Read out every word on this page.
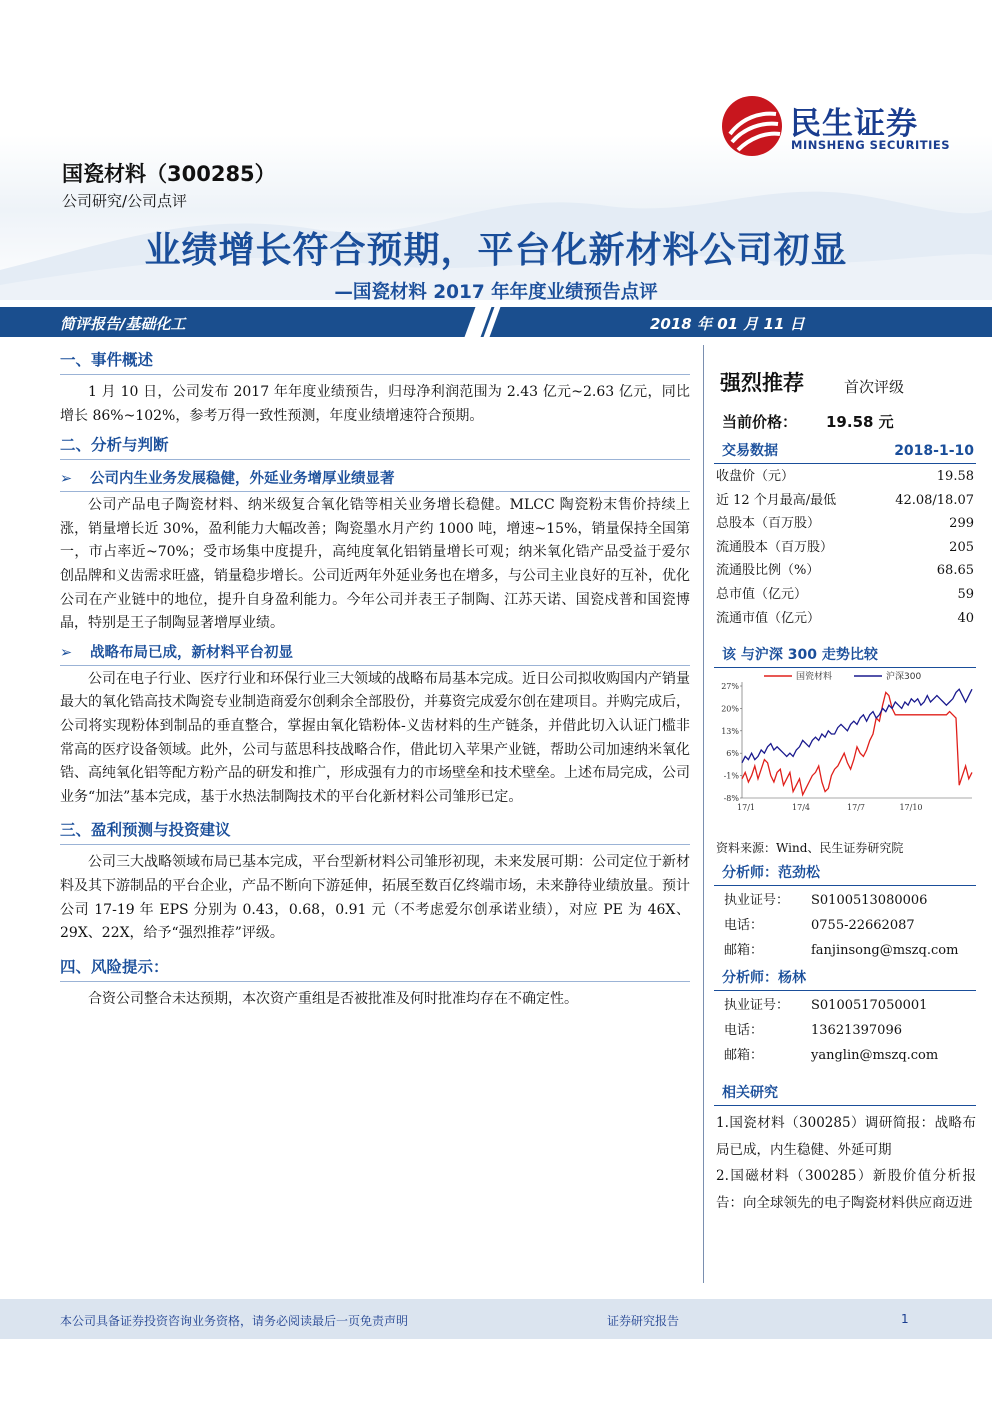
民生证券
MINSHENG SECURITIES
国瓷材料（300285）
公司研究/公司点评
业绩增长符合预期，平台化新材料公司初显
—国瓷材料 2017 年年度业绩预告点评
简评报告/基础化工	2018 年 01 月 11 日
一、事件概述

1 月 10 日，公司发布 2017 年年度业绩预告，归母净利润范围为 2.43 亿元~2.63 亿元，同比增长 86%~102%，参考万得一致性预测，年度业绩增速符合预期。

二、分析与判断
➢ 公司内生业务发展稳健，外延业务增厚业绩显著

公司产品电子陶瓷材料、纳米级复合氧化锆等相关业务增长稳健。MLCC 陶瓷粉末售价持续上涨，销量增长近 30%，盈利能力大幅改善；陶瓷墨水月产约 1000 吨，增速~15%，销量保持全国第一，市占率近~70%；受市场集中度提升，高纯度氧化铝销量增长可观；纳米氧化锆产品受益于爱尔创品牌和义齿需求旺盛，销量稳步增长。公司近两年外延业务也在增多，与公司主业良好的互补，优化公司在产业链中的地位，提升自身盈利能力。今年公司并表王子制陶、江苏天诺、国瓷戍普和国瓷博晶，特别是王子制陶显著增厚业绩。

➢ 战略布局已成，新材料平台初显

公司在电子行业、医疗行业和环保行业三大领域的战略布局基本完成。近日公司拟收购国内产销量最大的氧化锆高技术陶瓷专业制造商爱尔创剩余全部股份，并募资完成爱尔创在建项目。并购完成后，公司将实现粉体到制品的垂直整合，掌握由氧化锆粉体-义齿材料的生产链条，并借此切入认证门槛非常高的医疗设备领域。此外，公司与蓝思科技战略合作，借此切入苹果产业链，帮助公司加速纳米氧化锆、高纯氧化铝等配方粉产品的研发和推广，形成强有力的市场壁垒和技术壁垒。上述布局完成，公司业务“加法”基本完成，基于水热法制陶技术的平台化新材料公司雏形已定。

三、盈利预测与投资建议

公司三大战略领域布局已基本完成，平台型新材料公司雏形初现，未来发展可期：公司定位于新材料及其下游制品的平台企业，产品不断向下游延伸，拓展至数百亿终端市场，未来静待业绩放量。预计公司 17-19 年 EPS 分别为 0.43，0.68，0.91 元（不考虑爱尔创承诺业绩），对应 PE 为 46X、29X、22X，给予“强烈推荐”评级。

四、风险提示：

合资公司整合未达预期，本次资产重组是否被批准及何时批准均存在不确定性。

强烈推荐	首次评级
当前价格： 19.58 元
交易数据	2018-1-10
收盘价（元）	19.58
近 12 个月最高/最低	42.08/18.07
总股本（百万股）	299
流通股本（百万股）	205
流通股比例（%）	68.65
总市值（亿元）	59
流通市值（亿元）	40
该 与沪深 300 走势比较
国瓷材料	沪深300
27%
20%
13%
6%
-1%
-8%
17/1	17/4	17/7	17/10
资料来源：Wind、民生证券研究院
分析师：范劲松
执业证号： S0100513080006
电话：	0755-22662087
邮箱：	fanjinsong@mszq.com
分析师：杨林
执业证号： S0100517050001
电话：	13621397096
邮箱：	yanglin@mszq.com
相关研究
1.国瓷材料（300285）调研简报：战略布局已成，内生稳健、外延可期
2.国磁材料（300285）新股价值分析报告：向全球领先的电子陶瓷材料供应商迈进
本公司具备证券投资咨询业务资格，请务必阅读最后一页免责声明	证券研究报告	1
